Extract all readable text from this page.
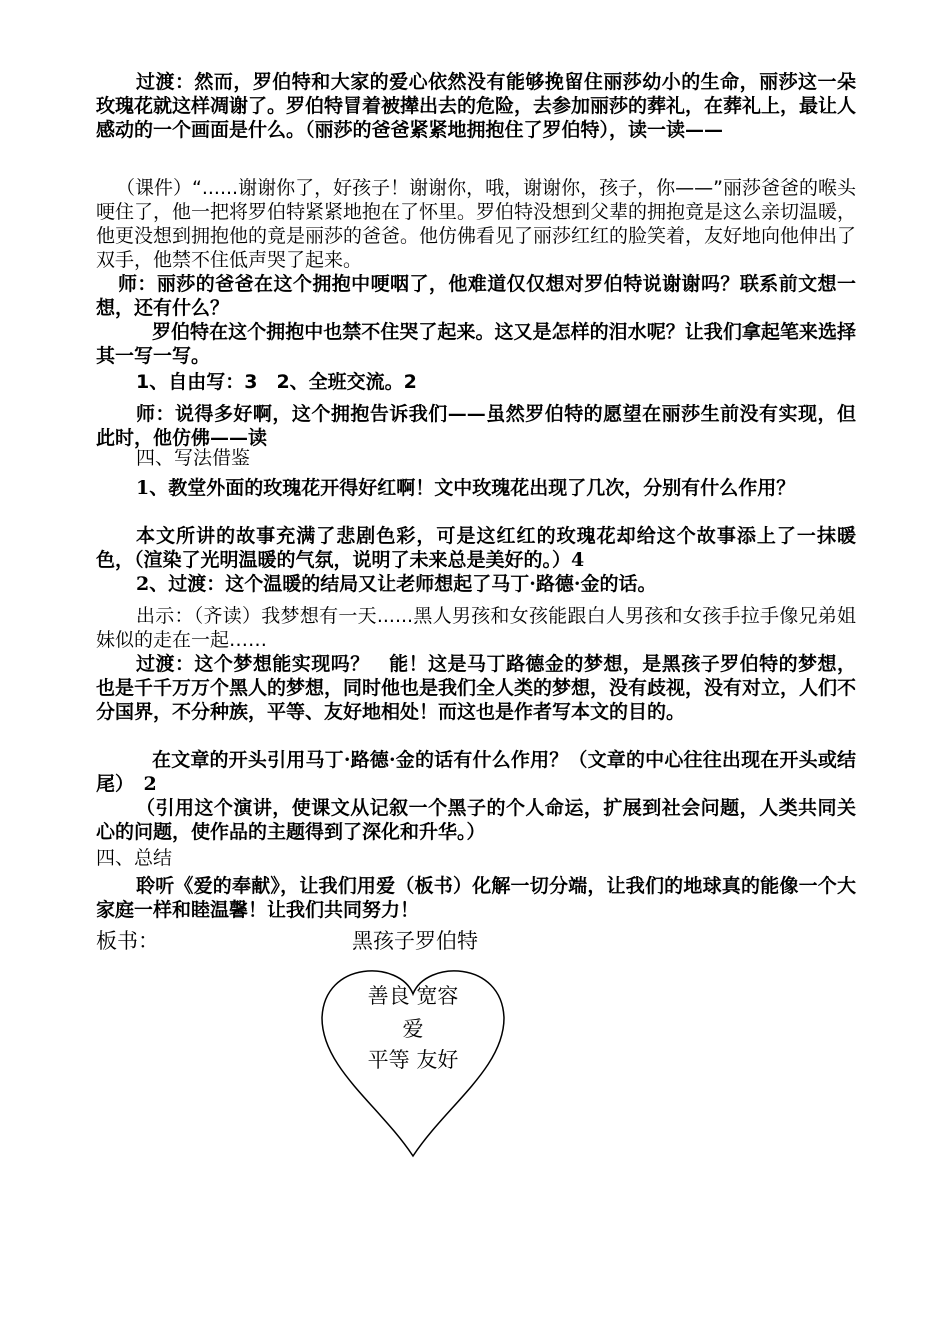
过渡：然而，罗伯特和大家的爱心依然没有能够挽留住丽莎幼小的生命，丽莎这一朵玫瑰花就这样凋谢了。罗伯特冒着被撵出去的危险，去参加丽莎的葬礼，在葬礼上，最让人感动的一个画面是什么。（丽莎的爸爸紧紧地拥抱住了罗伯特），读一读——

（课件）“......谢谢你了，好孩子！谢谢你，哦，谢谢你，孩子，你——”丽莎爸爸的喉头哽住了，他一把将罗伯特紧紧地抱在了怀里。罗伯特没想到父辈的拥抱竟是这么亲切温暖，他更没想到拥抱他的竟是丽莎的爸爸。他仿佛看见了丽莎红红的脸笑着，友好地向他伸出了双手，他禁不住低声哭了起来。

师：丽莎的爸爸在这个拥抱中哽咽了，他难道仅仅想对罗伯特说谢谢吗？联系前文想一想，还有什么？

罗伯特在这个拥抱中也禁不住哭了起来。这又是怎样的泪水呢？让我们拿起笔来选择其一写一写。

1、自由写：3　2、全班交流。2

师：说得多好啊，这个拥抱告诉我们——虽然罗伯特的愿望在丽莎生前没有实现，但此时，他仿佛——读

四、写法借鉴

1、教堂外面的玫瑰花开得好红啊！文中玫瑰花出现了几次，分别有什么作用？

本文所讲的故事充满了悲剧色彩，可是这红红的玫瑰花却给这个故事添上了一抹暖色，（渲染了光明温暖的气氛，说明了未来总是美好的。）4

2、过渡：这个温暖的结局又让老师想起了马丁·路德·金的话。

出示：（齐读）我梦想有一天......黑人男孩和女孩能跟白人男孩和女孩手拉手像兄弟姐妹似的走在一起……

过渡：这个梦想能实现吗？　能！这是马丁路德金的梦想，是黑孩子罗伯特的梦想，也是千千万万个黑人的梦想，同时他也是我们全人类的梦想，没有歧视，没有对立，人们不分国界，不分种族，平等、友好地相处！而这也是作者写本文的目的。

板书：	黑孩子罗伯特
善良 宽容
爱
平等 友好

在文章的开头引用马丁·路德·金的话有什么作用？（文章的中心往往出现在开头或结尾）　2

（引用这个演讲，使课文从记叙一个黑子的个人命运，扩展到社会问题，人类共同关心的问题，使作品的主题得到了深化和升华。）

四、总结

聆听《爱的奉献》，让我们用爱（板书）化解一切分端，让我们的地球真的能像一个大家庭一样和睦温馨！让我们共同努力！
